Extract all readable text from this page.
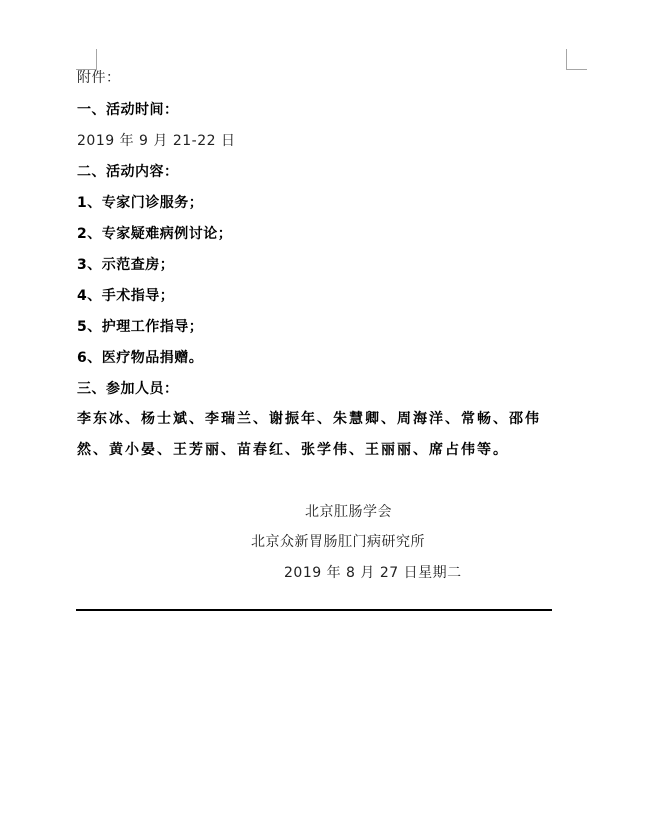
附件：
一、活动时间：
2019 年 9 月 21-22 日
二、活动内容：
1、专家门诊服务；
2、专家疑难病例讨论；
3、示范查房；
4、手术指导；
5、护理工作指导；
6、医疗物品捐赠。
三、参加人员：
李东冰、杨士斌、李瑞兰、谢振年、朱慧卿、周海洋、常畅、邵伟
然、黄小晏、王芳丽、苗春红、张学伟、王丽丽、席占伟等。
北京肛肠学会
北京众新胃肠肛门病研究所
2019 年 8 月 27 日星期二
